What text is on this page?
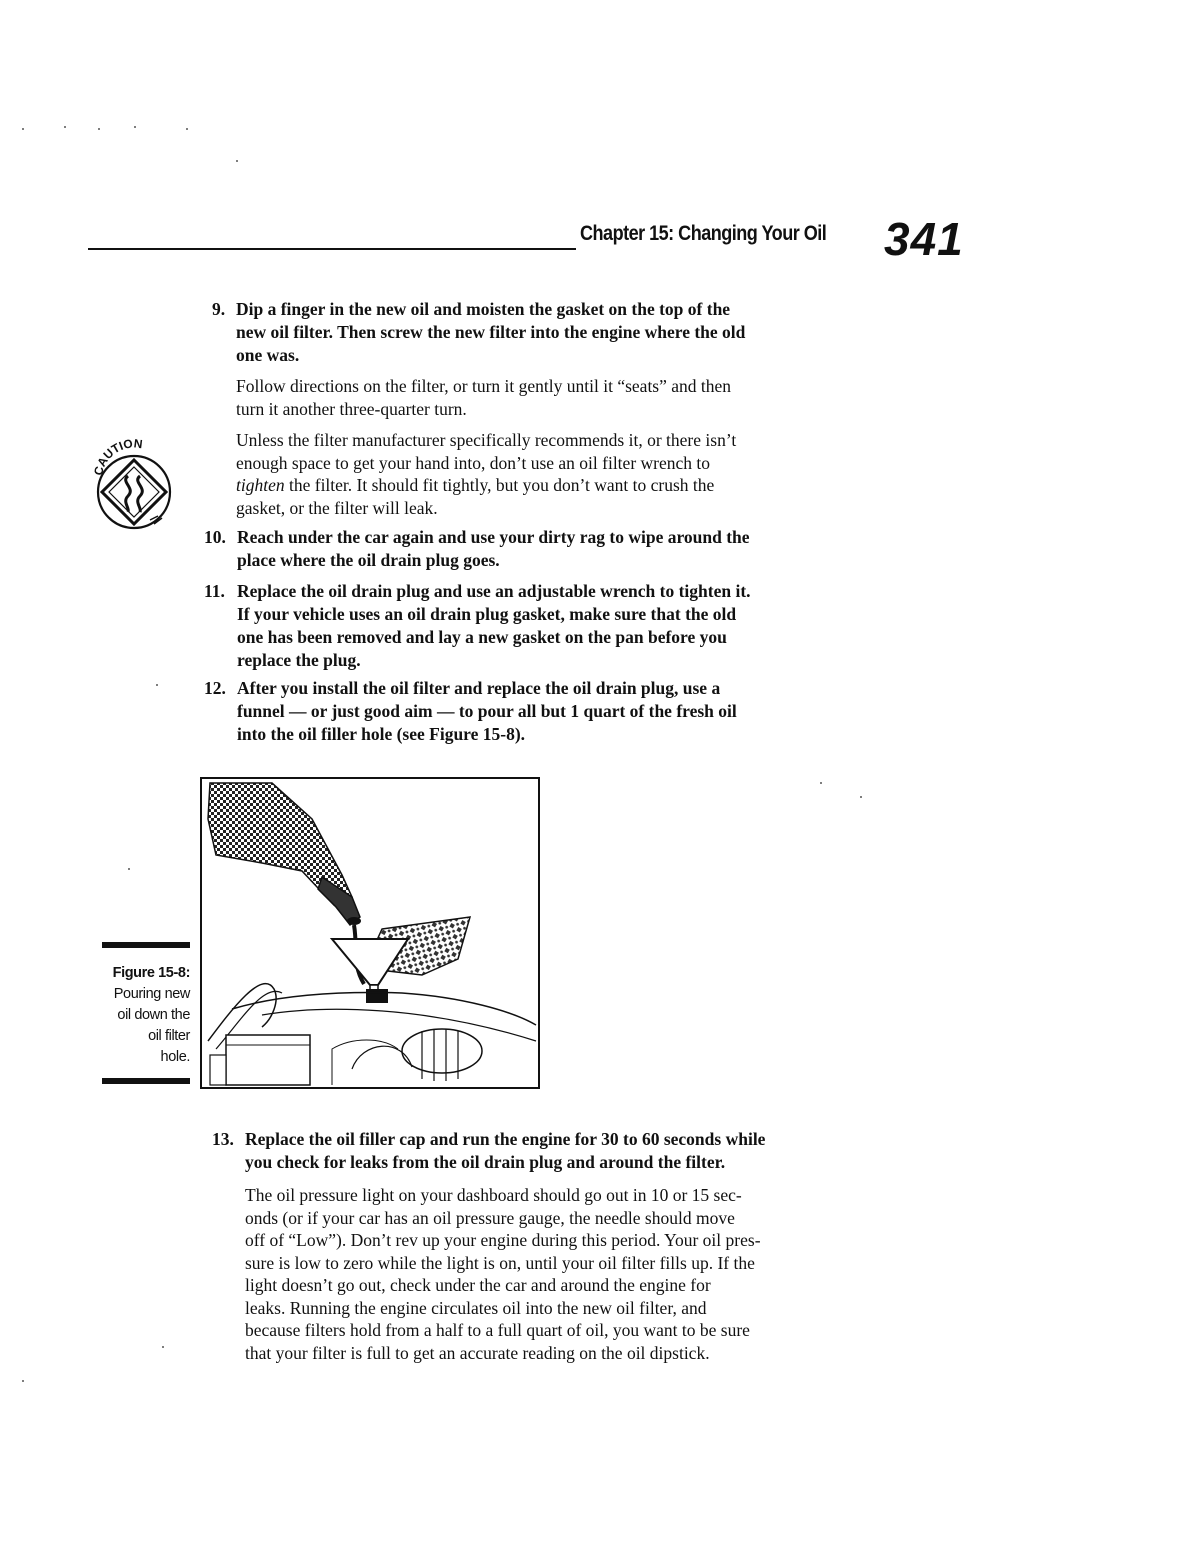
Chapter 15: Changing Your Oil 341
9. Dip a finger in the new oil and moisten the gasket on the top of the
new oil filter. Then screw the new filter into the engine where the old
one was.
Follow directions on the filter, or turn it gently until it “seats” and then
turn it another three-quarter turn.
CAUTION	Unless the filter manufacturer specifically recommends it, or there isn’t
enough space to get your hand into, don’t use an oil filter wrench to
tighten the filter. It should fit tightly, but you don’t want to crush the
gasket, or the filter will leak.
10. Reach under the car again and use your dirty rag to wipe around the
place where the oil drain plug goes.
11. Replace the oil drain plug and use an adjustable wrench to tighten it.
If your vehicle uses an oil drain plug gasket, make sure that the old
one has been removed and lay a new gasket on the pan before you
replace the plug.
12. After you install the oil filter and replace the oil drain plug, use a
funnel — or just good aim — to pour all but 1 quart of the fresh oil
into the oil filler hole (see Figure 15-8).
Figure 15-8:
Pouring new
oil down the
oil filter
hole.
13. Replace the oil filler cap and run the engine for 30 to 60 seconds while
you check for leaks from the oil drain plug and around the filter.
The oil pressure light on your dashboard should go out in 10 or 15 sec-
onds (or if your car has an oil pressure gauge, the needle should move
off of “Low”). Don’t rev up your engine during this period. Your oil pres-
sure is low to zero while the light is on, until your oil filter fills up. If the
light doesn’t go out, check under the car and around the engine for
leaks. Running the engine circulates oil into the new oil filter, and
because filters hold from a half to a full quart of oil, you want to be sure
that your filter is full to get an accurate reading on the oil dipstick.
